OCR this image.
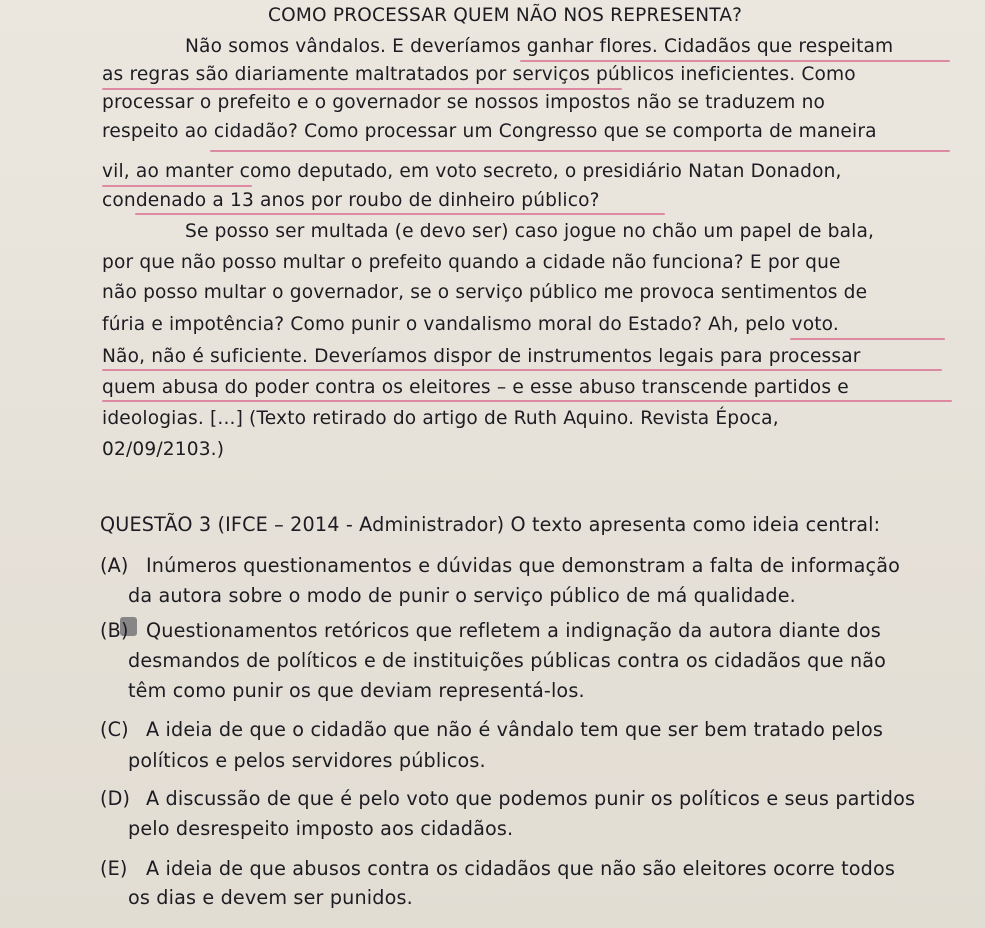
COMO PROCESSAR QUEM NÃO NOS REPRESENTA?
Não somos vândalos. E deveríamos ganhar flores. Cidadãos que respeitam
as regras são diariamente maltratados por serviços públicos ineficientes. Como
processar o prefeito e o governador se nossos impostos não se traduzem no
respeito ao cidadão? Como processar um Congresso que se comporta de maneira
vil, ao manter como deputado, em voto secreto, o presidiário Natan Donadon,
condenado a 13 anos por roubo de dinheiro público?
Se posso ser multada (e devo ser) caso jogue no chão um papel de bala,
por que não posso multar o prefeito quando a cidade não funciona? E por que
não posso multar o governador, se o serviço público me provoca sentimentos de
fúria e impotência? Como punir o vandalismo moral do Estado? Ah, pelo voto.
Não, não é suficiente. Deveríamos dispor de instrumentos legais para processar
quem abusa do poder contra os eleitores – e esse abuso transcende partidos e
ideologias. [...] (Texto retirado do artigo de Ruth Aquino. Revista Época,
02/09/2103.)
QUESTÃO 3 (IFCE – 2014 - Administrador) O texto apresenta como ideia central:
(A) Inúmeros questionamentos e dúvidas que demonstram a falta de informação
da autora sobre o modo de punir o serviço público de má qualidade.
(B) Questionamentos retóricos que refletem a indignação da autora diante dos
desmandos de políticos e de instituições públicas contra os cidadãos que não
têm como punir os que deviam representá-los.
(C) A ideia de que o cidadão que não é vândalo tem que ser bem tratado pelos
políticos e pelos servidores públicos.
(D) A discussão de que é pelo voto que podemos punir os políticos e seus partidos
pelo desrespeito imposto aos cidadãos.
(E) A ideia de que abusos contra os cidadãos que não são eleitores ocorre todos
os dias e devem ser punidos.
